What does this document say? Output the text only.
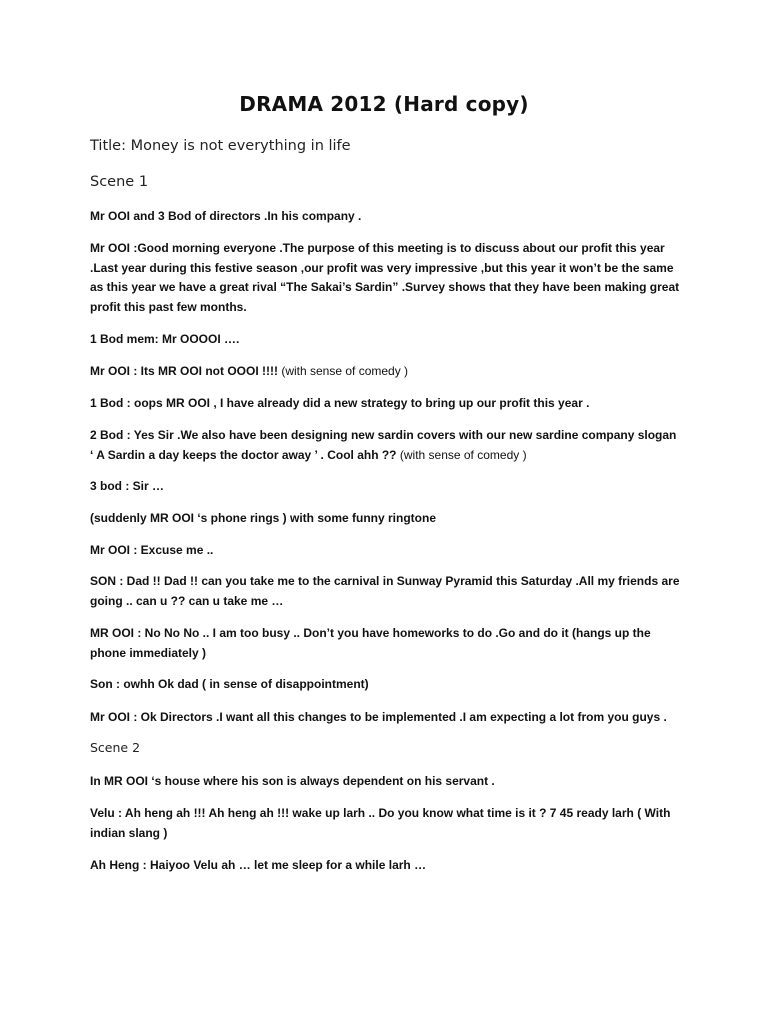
DRAMA 2012 (Hard copy)
Title: Money is not everything in life
Scene 1
Mr OOI and 3 Bod of directors .In his company .
Mr OOI :Good morning everyone .The purpose of this meeting is to discuss about our profit this year .Last year during this festive season ,our profit was very impressive ,but this year it won’t be the same as this year we have a great rival “The Sakai’s Sardin” .Survey shows that they have been making great profit this past few months.
1 Bod mem: Mr OOOOI ….
Mr OOI : Its MR OOI not OOOI !!!! (with sense of comedy )
1 Bod : oops MR OOI , I have already did a new strategy to bring up our profit this year .
2 Bod : Yes Sir .We also have been designing new sardin covers with our new sardine company slogan ‘ A Sardin a day keeps the doctor away ’ . Cool ahh ?? (with sense of comedy )
3 bod : Sir …
(suddenly MR OOI ‘s phone rings ) with some funny ringtone
Mr OOI : Excuse me ..
SON : Dad !! Dad !! can you take me to the carnival in Sunway Pyramid this Saturday .All my friends are going .. can u ?? can u take me …
MR OOI : No No No .. I am too busy .. Don’t you have homeworks to do .Go and do it (hangs up the phone immediately )
Son : owhh Ok dad ( in sense of disappointment)
Mr OOI : Ok Directors .I want all this changes to be implemented .I am expecting a lot from you guys .
Scene 2
In MR OOI ‘s house where his son is always dependent on his servant .
Velu : Ah heng ah !!! Ah heng ah !!! wake up larh .. Do you know what time is it ? 7 45 ready larh ( With indian slang )
Ah Heng : Haiyoo Velu ah … let me sleep for a while larh …
